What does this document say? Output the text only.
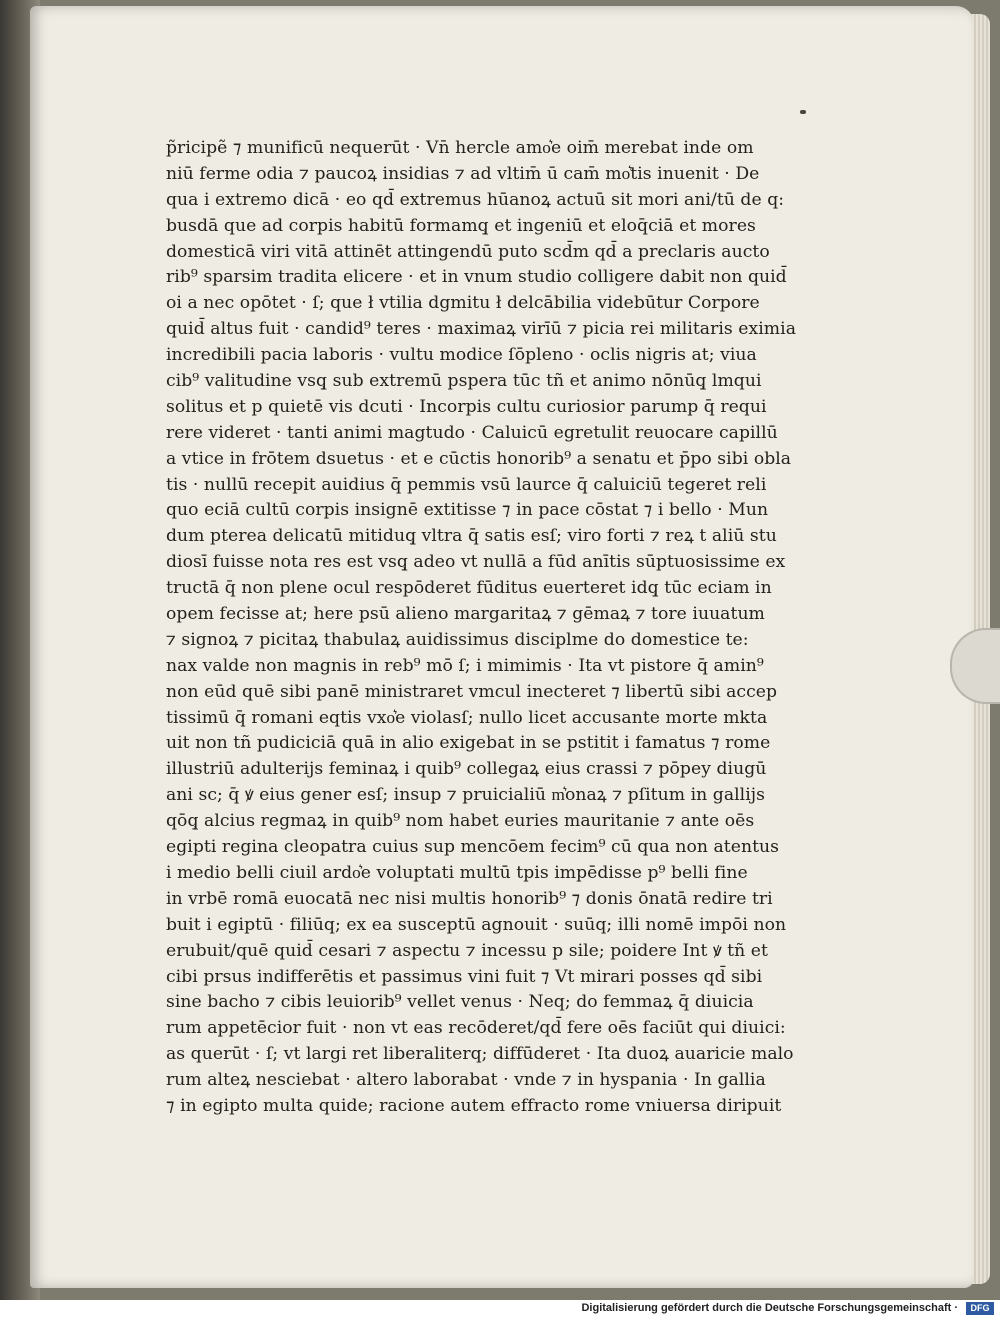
p̃ricipẽ ⁊ munificū nequerūt · Vn̄ hercle amo͛e oim̄ merebat inde om
niū ferme odia ⁊ paucoꝝ insidias ⁊ ad vltim̄ ū cam̄ mo͛tis inuenit · De
qua i extremo dicā · eo qd̄ extremus hūanoꝝ actuū sit mori ani/tū de q:
busdā que ad corpis habitū formamq̧ et ingeniū et eloq̄ciā et mores
domesticā viri vitā attinēt attingendū puto scd̄m qd̄ a preclaris aucto
rib⁹ sparsim tradita elicere · et in vnum studio colligere dabit non quid̄
oi a nec opōtet · ſ; que ł vtilia dgmitu ł delcābilia videbūtur Corpore
quid̄ altus fuit · candid⁹ teres · maximaꝝ virīū ⁊ picia rei militaris eximia
incredibili pacia laboris · vultu modice ſōpleno · oclis nigris at; viua
cib⁹ valitudine vsq̧ sub extremū pspera tūc tñ et animo nōnūq̧ lmqui
solitus et p quietē vis dcuti · Incorpis cultu curiosior parump q̄ requi
rere videret · tanti animi magtudo · Caluicū egretulit reuocare capillū
a vtice in frōtem dsuetus · et e cūctis honorib⁹ a senatu et p̄po sibi obla
tis · nullū recepit auidius q̄ pemmis vsū laurce q̄ caluiciū tegeret reli
quo eciā cultū corpis insignē extitisse ⁊ in pace cōstat ⁊ i bello · Mun
dum pterea delicatū mitiduq̧ vltra q̄ satis esſ; viro forti ⁊ reꝝ t aliū stu
diosī fuisse nota res est vsq̧ adeo vt nullā a fūd anītis sūptuosissime ex
tructā q̄ non plene ocul respōderet fūditus euerteret idq̧ tūc eciam in
opem fecisse at; here psū alieno margaritaꝝ ⁊ gēmaꝝ ⁊ tore iuuatum
⁊ signoꝝ ⁊ picitaꝝ thabulaꝝ auidissimus disciplme do domestice te:
nax valde non magnis in reb⁹ mō ſ; i mimimis · Ita vt pistore q̄ amin⁹
non eūd quē sibi panē ministraret vmcul inecteret ⁊ libertū sibi accep
tissimū q̄ romani eqtis vxo͛e violasſ; nullo licet accusante morte mkta
uit non tñ pudiciciā quā in alio exigebat in se pstitit i famatus ⁊ rome
illustriū adulterijs feminaꝝ i quib⁹ collegaꝝ eius crassi ⁊ pōpey diugū
ani sc; q̄ ꝟ eius gener esſ; insup ⁊ pruicialiū m͛onaꝝ ⁊ pſitum in gallijs
qōq̧ alcius regmaꝝ in quib⁹ nom habet euries mauritanie ⁊ ante oēs
egipti regina cleopatra cuius sup mencōem fecim⁹ cū qua non atentus
i medio belli ciuil ardo͛e voluptati multū tpis impēdisse p⁹ belli fine
in vrbē romā euocatā nec nisi multis honorib⁹ ⁊ donis ōnatā redire tri
buit i egiptū · filiūq; ex ea susceptū agnouit · suūq; illi nomē impōi non
erubuit/quē quid̄ cesari ⁊ aspectu ⁊ incessu p sile; poidere Int ꝟ tñ et
cibi prsus indifferētis et passimus vini fuit ⁊ Vt mirari posses qd̄ sibi
sine bacho ⁊ cibis leuiorib⁹ vellet venus · Neq; do femmaꝝ q̄ diuicia
rum appetēcior fuit · non vt eas recōderet/qd̄ fere oēs faciūt qui diuici:
as querūt · ſ; vt largi ret liberaliterq; diffūderet · Ita duoꝝ auaricie malo
rum alteꝝ nesciebat · altero laborabat · vnde ⁊ in hyspania · In gallia
⁊ in egipto multa quide; racione autem effracto rome vniuersa diripuit
Digitalisierung gefördert durch die Deutsche Forschungsgemeinschaft ·	DFG
